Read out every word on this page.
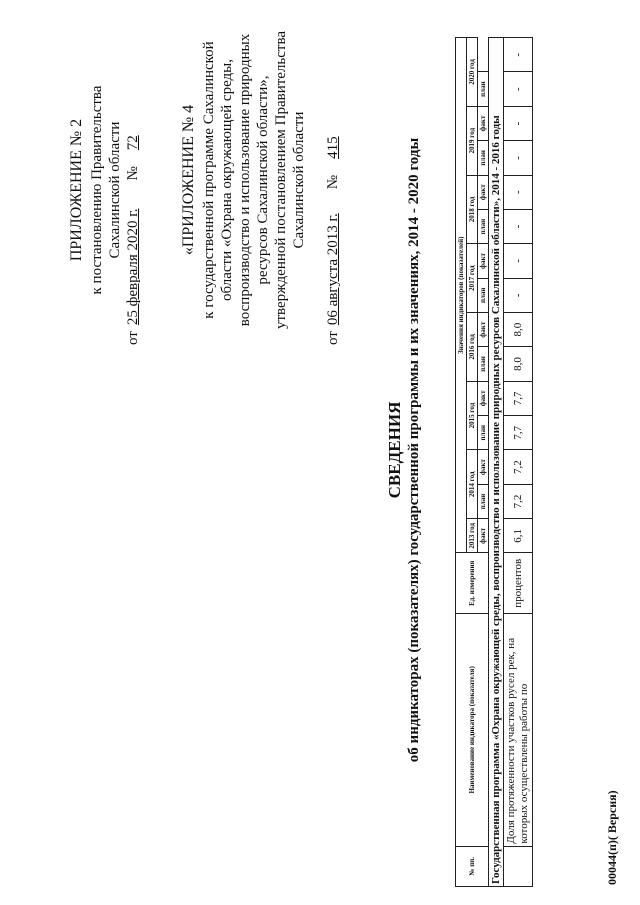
ПРИЛОЖЕНИЕ № 2 к постановлению Правительства Сахалинской области
от
25 февраля 2020 г.
№
72 «ПРИЛОЖЕНИЕ № 4 к государственной программе Сахалинской области «Охрана окружающей среды, воспроизводство и использование природных ресурсов Сахалинской области», утвержденной постановлением Правительства Сахалинской области
от
06 августа 2013 г.
№
415
СВЕДЕНИЯ об индикаторах (показателях) государственной программы и их значениях, 2014 - 2020 годы
№ пп.	Наименование индикатора (показателя)	Ед. измерения	Значения индикаторов (показателей)														
			2013 год	2014 год		2015 год		2016 год		2017 год		2018 год		2019 год		2020 год	
			факт	план	факт	план	факт	план	факт	план	факт	план	факт	план	факт	план	
Государственная программа «Охрана окружающей среды, воспроизводство и использование природных ресурсов Сахалинской области», 2014 - 2016 годы																	
	Доля протяженности участков русел рек, на которых осуществлены работы по	процентов	6,1	7,2	7,2	7,7	7,7	8,0	8,0	-	-	-	-	-	-	-	-
00044(п)( Версия)
